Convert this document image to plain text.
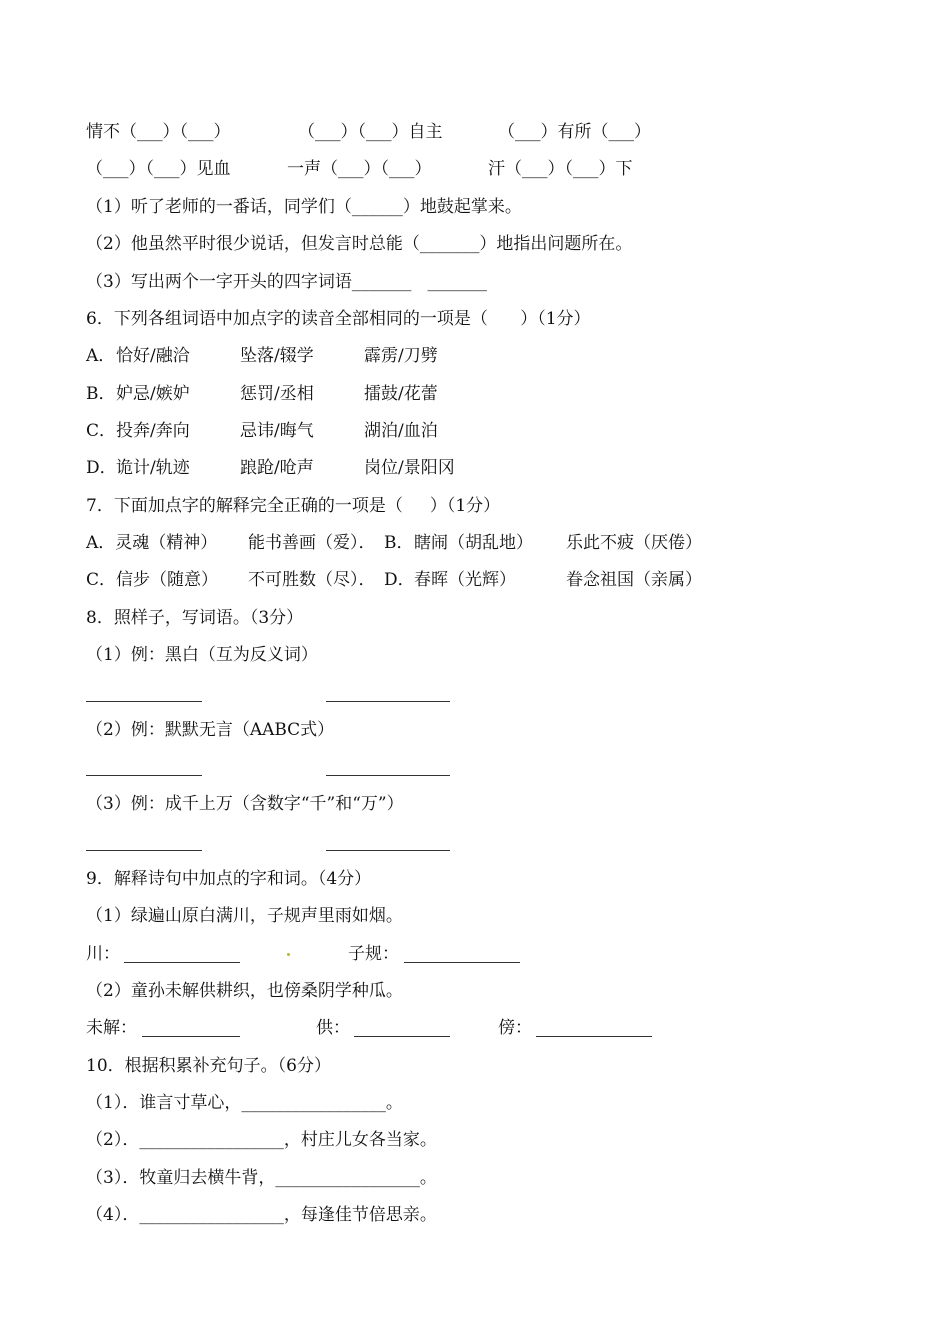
情不（___）（___）	（___）（___）自主	（___）有所（___）
（___）（___）见血	一声（___）（___）	汗（___）（___）下
（1）听了老师的一番话，同学们（______）地鼓起掌来。
（2）他虽然平时很少说话，但发言时总能（_______）地指出问题所在。
（3）写出两个一字开头的四字词语_______   _______
6．下列各组词语中加点字的读音全部相同的一项是（      ）（1分）
A． 恰好/融洽	坠落/辍学	霹雳/刀劈
B． 妒忌/嫉妒	惩罚/丞相	擂鼓/花蕾
C． 投奔/奔向	忌讳/晦气	湖泊/血泊
D． 诡计/轨迹	踉跄/呛声	岗位/景阳冈
7．下面加点字的解释完全正确的一项是（     ）（1分）
A．灵魂（精神） 能书善画（爱）． B． 瞎闹（胡乱地） 乐此不疲（厌倦）
C．信步（随意） 不可胜数（尽）． D． 春晖（光辉）	眷念祖国（亲属）
8．照样子，写词语。（3分）
（1）例：黑白（互为反义词）
（2）例：默默无言（AABC式）
（3）例：成千上万（含数字“千”和“万”）
9．解释诗句中加点的字和词。（4分）
（1）绿遍山原白满川，子规声里雨如烟。
川：	子规：
（2）童孙未解供耕织，也傍桑阴学种瓜。
未解：	供：	傍：
10．根据积累补充句子。（6分）
（1）．谁言寸草心，_________________。
（2）．_________________，村庄儿女各当家。
（3）．牧童归去横牛背，_________________。
（4）．_________________，每逢佳节倍思亲。
